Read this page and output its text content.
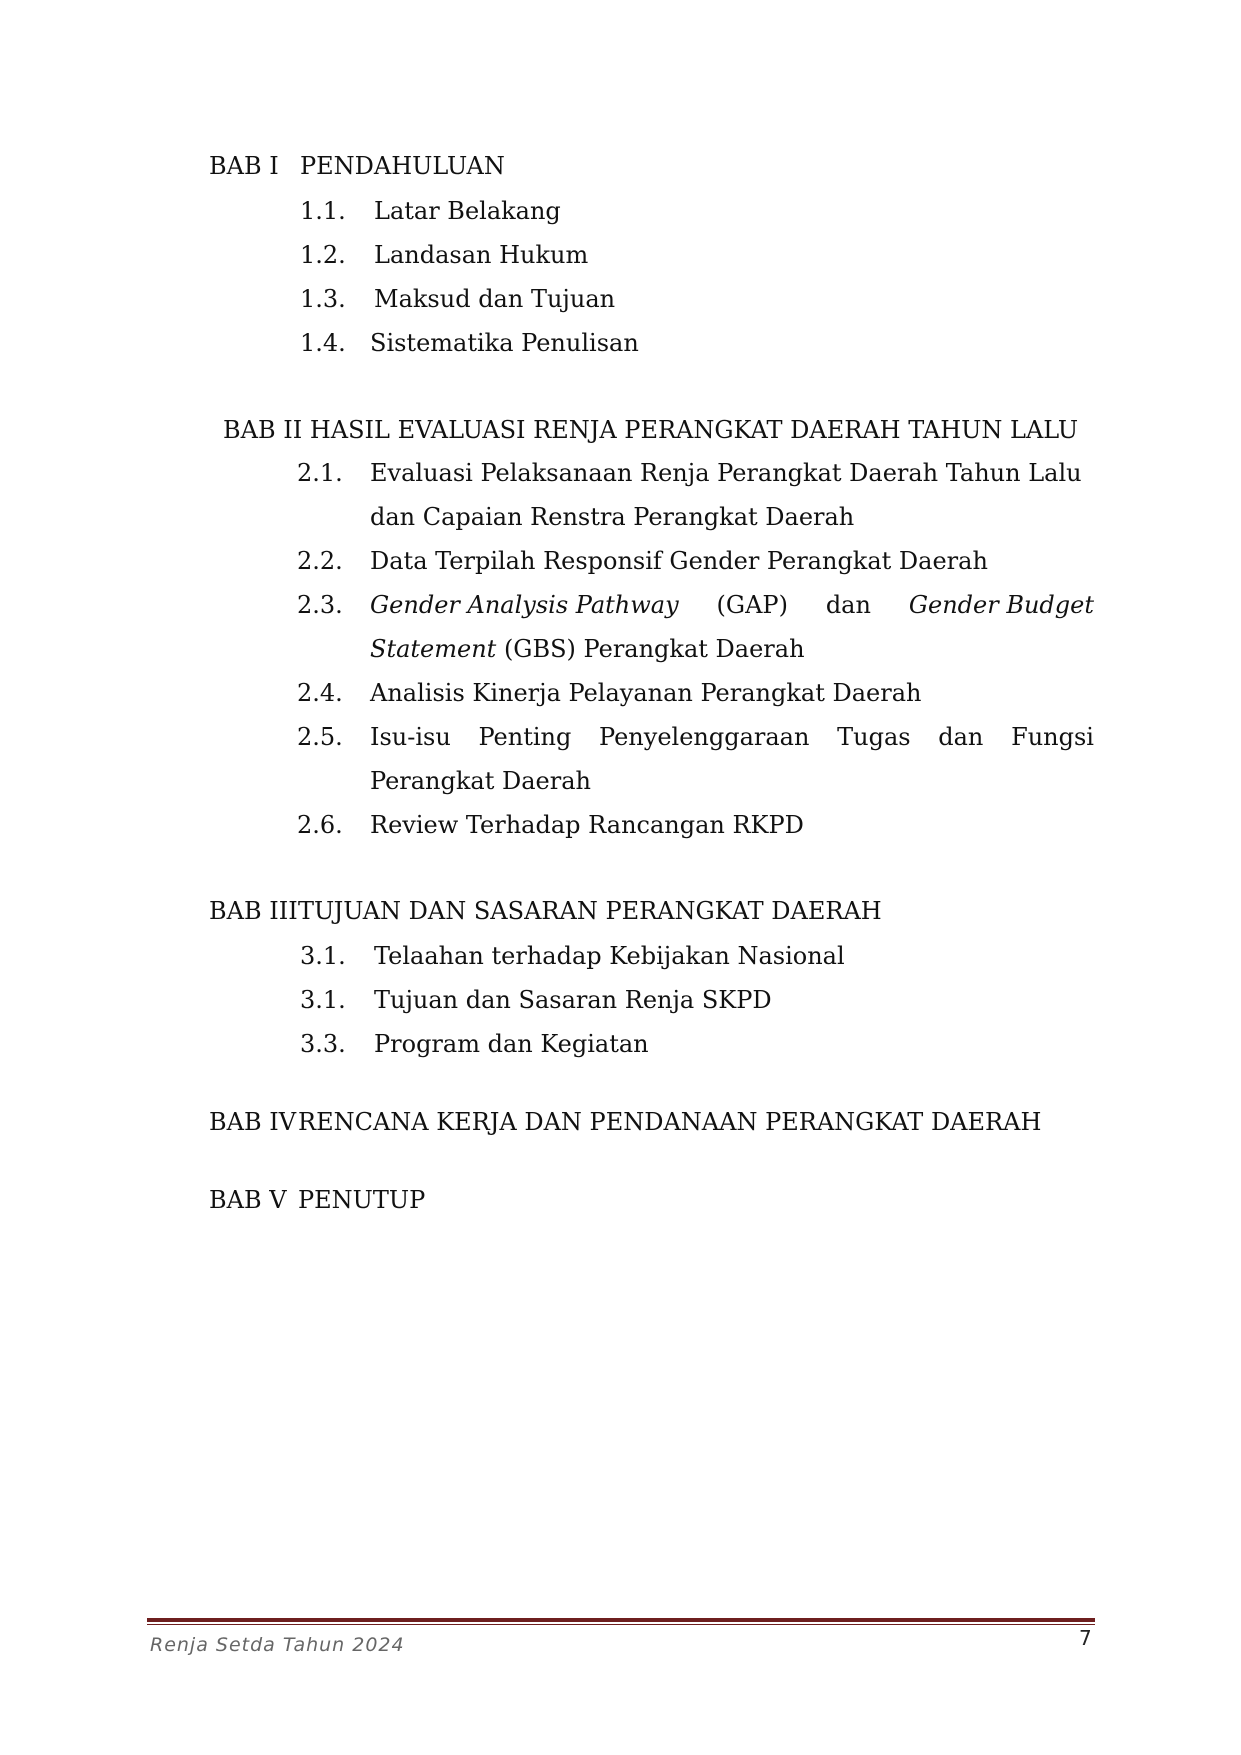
BAB I PENDAHULUAN
1.1. Latar Belakang
1.2. Landasan Hukum
1.3. Maksud dan Tujuan
1.4. Sistematika Penulisan
BAB II HASIL EVALUASI RENJA PERANGKAT DAERAH TAHUN LALU
2.1. Evaluasi Pelaksanaan Renja Perangkat Daerah Tahun Lalu
dan Capaian Renstra Perangkat Daerah
2.2. Data Terpilah Responsif Gender Perangkat Daerah
2.3. Gender Analysis Pathway (GAP) dan Gender Budget
Statement (GBS) Perangkat Daerah
2.4. Analisis Kinerja Pelayanan Perangkat Daerah
2.5. Isu-isu Penting Penyelenggaraan Tugas dan Fungsi
Perangkat Daerah
2.6. Review Terhadap Rancangan RKPD
BAB III TUJUAN DAN SASARAN PERANGKAT DAERAH
3.1. Telaahan terhadap Kebijakan Nasional
3.1. Tujuan dan Sasaran Renja SKPD
3.3. Program dan Kegiatan
BAB IV RENCANA KERJA DAN PENDANAAN PERANGKAT DAERAH
BAB V PENUTUP
Renja Setda Tahun 2024	7
